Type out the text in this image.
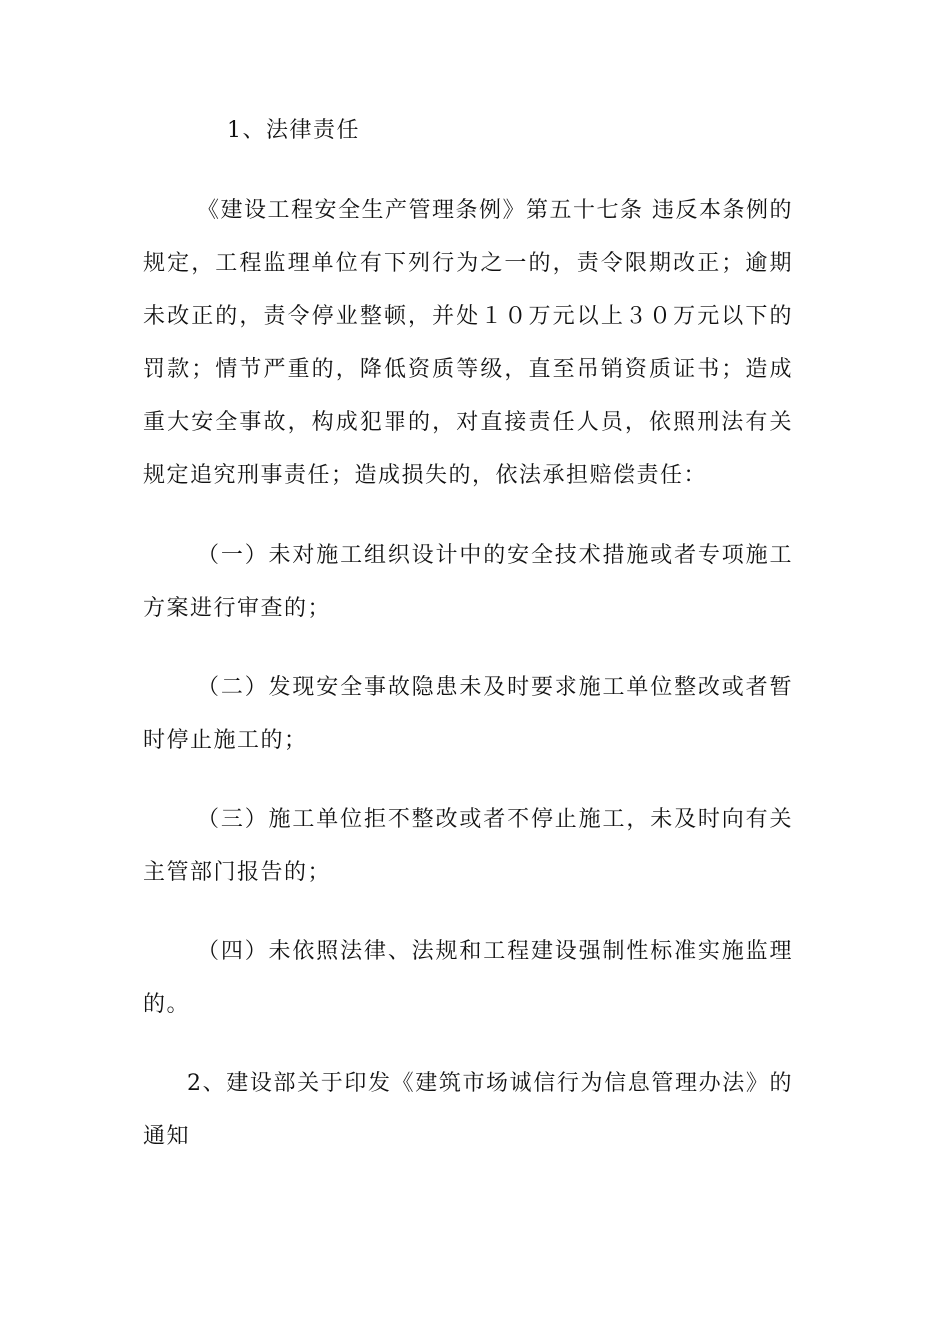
1、法律责任

《建设工程安全生产管理条例》第五十七条 违反本条例的规定，工程监理单位有下列行为之一的，责令限期改正；逾期未改正的，责令停业整顿，并处１０万元以上３０万元以下的罚款；情节严重的，降低资质等级，直至吊销资质证书；造成重大安全事故，构成犯罪的，对直接责任人员，依照刑法有关规定追究刑事责任；造成损失的，依法承担赔偿责任：

（一）未对施工组织设计中的安全技术措施或者专项施工方案进行审查的；

（二）发现安全事故隐患未及时要求施工单位整改或者暂时停止施工的；

（三）施工单位拒不整改或者不停止施工，未及时向有关主管部门报告的；

（四）未依照法律、法规和工程建设强制性标准实施监理的。

2、建设部关于印发《建筑市场诚信行为信息管理办法》的通知
